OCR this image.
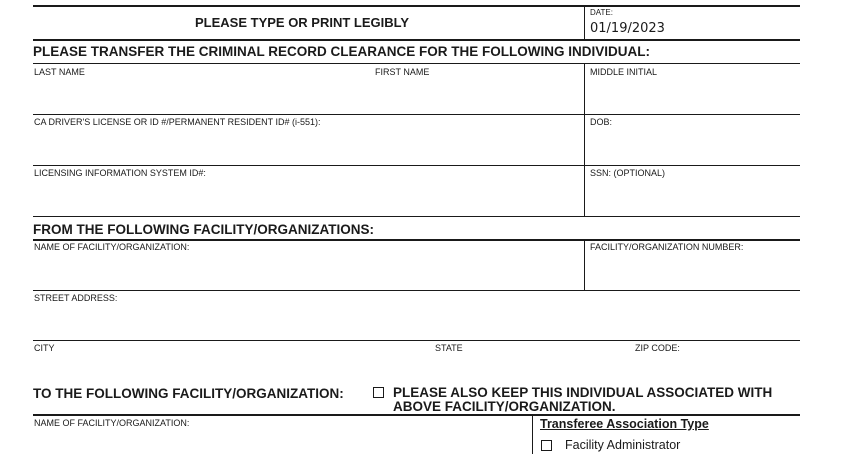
PLEASE TYPE OR PRINT LEGIBLY
DATE:
01/19/2023
PLEASE TRANSFER THE CRIMINAL RECORD CLEARANCE FOR THE FOLLOWING INDIVIDUAL:
LAST NAME	FIRST NAME	MIDDLE INITIAL
CA DRIVER'S LICENSE OR ID #/PERMANENT RESIDENT ID# (i-551):	DOB:
LICENSING INFORMATION SYSTEM ID#:	SSN: (OPTIONAL)
FROM THE FOLLOWING FACILITY/ORGANIZATIONS:
NAME OF FACILITY/ORGANIZATION:	FACILITY/ORGANIZATION NUMBER:
STREET ADDRESS:
CITY	STATE	ZIP CODE:
TO THE FOLLOWING FACILITY/ORGANIZATION:	PLEASE ALSO KEEP THIS INDIVIDUAL ASSOCIATED WITH
ABOVE FACILITY/ORGANIZATION.
NAME OF FACILITY/ORGANIZATION:	Transferee Association Type
Facility Administrator
